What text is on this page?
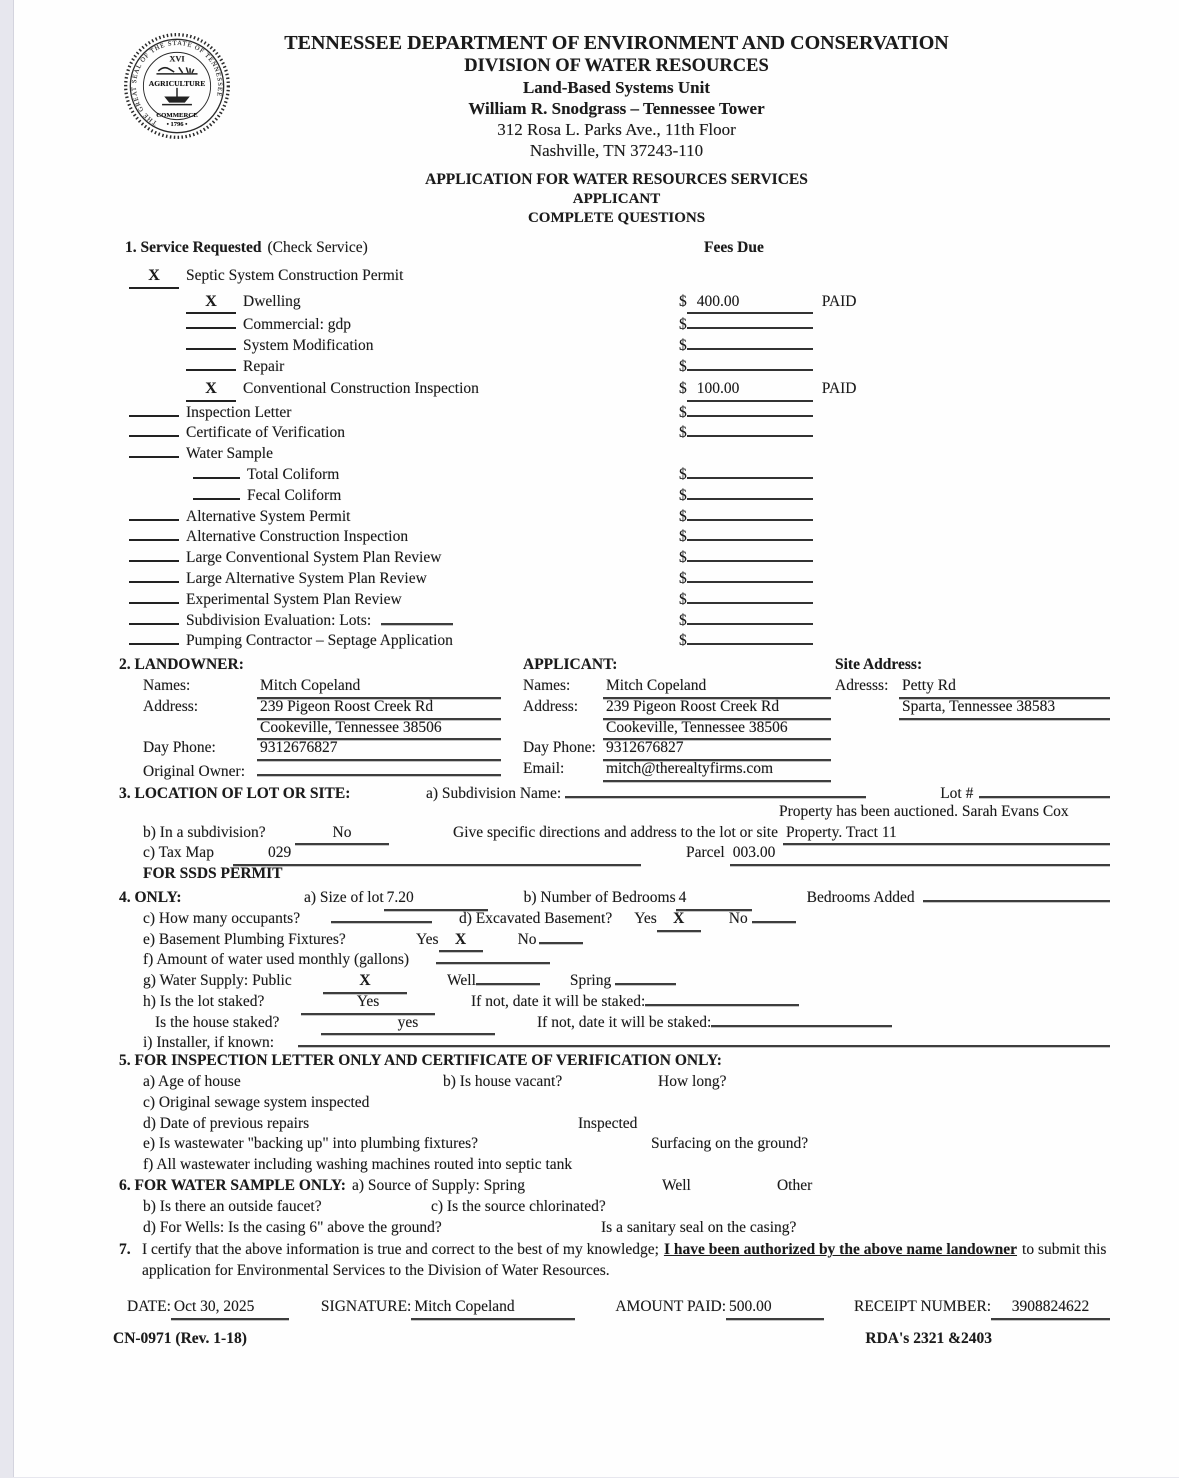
THE GREAT SEAL OF THE STATE OF TENNESSEE
XVI
AGRICULTURE
COMMERCE
• 1796 •
TENNESSEE DEPARTMENT OF ENVIRONMENT AND CONSERVATION
DIVISION OF WATER RESOURCES
Land-Based Systems Unit
William R. Snodgrass – Tennessee Tower
312 Rosa L. Parks Ave., 11th Floor
Nashville, TN 37243-110
APPLICATION FOR WATER RESOURCES SERVICES
APPLICANT
COMPLETE QUESTIONS
1. Service Requested (Check Service)	Fees Due
X	Septic System Construction Permit
X	Dwelling	$ 400.00	PAID
Commercial: gdp	$
System Modification	$
Repair	$
X	Conventional Construction Inspection	$ 100.00	PAID
Inspection Letter	$
Certificate of Verification	$
Water Sample
Total Coliform	$
Fecal Coliform	$
Alternative System Permit	$
Alternative Construction Inspection	$
Large Conventional System Plan Review	$
Large Alternative System Plan Review	$
Experimental System Plan Review	$
Subdivision Evaluation: Lots:	$
Pumping Contractor – Septage Application	$
2. LANDOWNER:
Names:	Mitch Copeland
Address:	239 Pigeon Roost Creek Rd
Cookeville, Tennessee 38506
Day Phone:	9312676827
Original Owner:
APPLICANT:
Names:	Mitch Copeland
Address:	239 Pigeon Roost Creek Rd
Cookeville, Tennessee 38506
Day Phone: 9312676827
Email:	mitch@therealtyfirms.com
Site Address:
Adresss: Petty Rd
Sparta, Tennessee 38583
3. LOCATION OF LOT OR SITE:	a) Subdivision Name:	Lot #
Property has been auctioned. Sarah Evans Cox
b) In a subdivision?	No	Give specific directions and address to the lot or site Property. Tract 11
c) Tax Map	029	Parcel 003.00
FOR SSDS PERMIT
4. ONLY:	a) Size of lot 7.20	b) Number of Bedrooms 4	Bedrooms Added
c) How many occupants?	d) Excavated Basement? Yes	X	No
e) Basement Plumbing Fixtures?	Yes	X	No
f) Amount of water used monthly (gallons)
g) Water Supply: Public	X	Well	Spring
h) Is the lot staked?	Yes	If not, date it will be staked:
Is the house staked?	yes	If not, date it will be staked:
i) Installer, if known:
5. FOR INSPECTION LETTER ONLY AND CERTIFICATE OF VERIFICATION ONLY:
a) Age of house	b) Is house vacant?	How long?
c) Original sewage system inspected
d) Date of previous repairs	Inspected
e) Is wastewater "backing up" into plumbing fixtures?	Surfacing on the ground?
f) All wastewater including washing machines routed into septic tank
6. FOR WATER SAMPLE ONLY: a) Source of Supply: Spring	Well	Other
b) Is there an outside faucet?	c) Is the source chlorinated?
d) For Wells: Is the casing 6" above the ground?	Is a sanitary seal on the casing?
7. I certify that the above information is true and correct to the best of my knowledge; I have been authorized by the above name landowner to submit this
application for Environmental Services to the Division of Water Resources.
DATE: Oct 30, 2025	SIGNATURE: Mitch Copeland	AMOUNT PAID: 500.00	RECEIPT NUMBER:	3908824622
CN-0971 (Rev. 1-18)	RDA's 2321 &2403
